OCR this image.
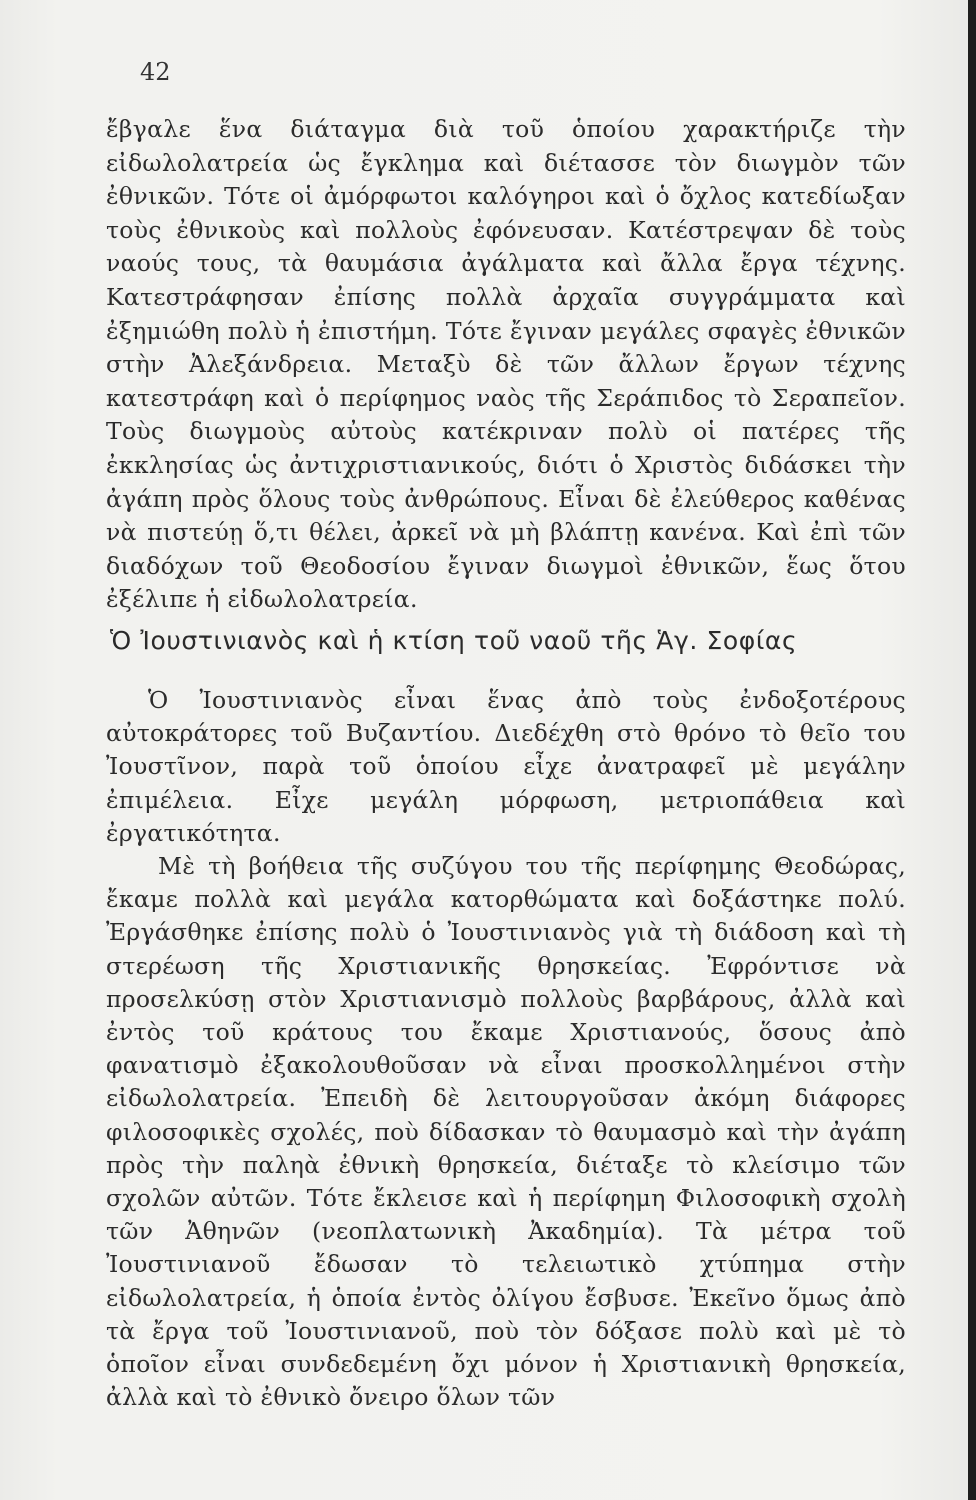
42

ἔβγαλε ἕνα διάταγμα διὰ τοῦ ὁποίου χαρακτήριζε τὴν εἰδωλολατρεία ὡς ἔγκλημα καὶ διέτασσε τὸν διωγμὸν τῶν ἐθνικῶν. Τότε οἱ ἀμόρφωτοι καλόγηροι καὶ ὁ ὄχλος κατεδίωξαν τοὺς ἐθνικοὺς καὶ πολλοὺς ἐφόνευσαν. Κατέστρεψαν δὲ τοὺς ναούς τους, τὰ θαυμάσια ἀγάλματα καὶ ἄλλα ἔργα τέχνης. Κατεστράφησαν ἐπίσης πολλὰ ἀρχαῖα συγγράμματα καὶ ἐξημιώθη πολὺ ἡ ἐπιστήμη. Τότε ἔγιναν μεγάλες σφαγὲς ἐθνικῶν στὴν Ἀλεξάνδρεια. Μεταξὺ δὲ τῶν ἄλλων ἔργων τέχνης κατεστράφη καὶ ὁ περίφημος ναὸς τῆς Σεράπιδος τὸ Σεραπεῖον. Τοὺς διωγμοὺς αὐτοὺς κατέκριναν πολὺ οἱ πατέρες τῆς ἐκκλησίας ὡς ἀντιχριστιανικούς, διότι ὁ Χριστὸς διδάσκει τὴν ἀγάπη πρὸς ὅλους τοὺς ἀνθρώπους. Εἶναι δὲ ἐλεύθερος καθένας νὰ πιστεύῃ ὅ,τι θέλει, ἀρκεῖ νὰ μὴ βλάπτῃ κανένα. Καὶ ἐπὶ τῶν διαδόχων τοῦ Θεοδοσίου ἔγιναν διωγμοὶ ἐθνικῶν, ἕως ὅτου ἐξέλιπε ἡ εἰδωλολατρεία.

Ὁ Ἰουστινιανὸς καὶ ἡ κτίση τοῦ ναοῦ τῆς Ἁγ. Σοφίας

Ὁ Ἰουστινιανὸς εἶναι ἕνας ἀπὸ τοὺς ἐνδοξοτέρους αὐτοκράτορες τοῦ Βυζαντίου. Διεδέχθη στὸ θρόνο τὸ θεῖο του Ἰουστῖνον, παρὰ τοῦ ὁποίου εἶχε ἀνατραφεῖ μὲ μεγάλην ἐπιμέλεια. Εἶχε μεγάλη μόρφωση, μετριοπάθεια καὶ ἐργατικότητα.

Μὲ τὴ βοήθεια τῆς συζύγου του τῆς περίφημης Θεοδώρας, ἔκαμε πολλὰ καὶ μεγάλα κατορθώματα καὶ δοξάστηκε πολύ. Ἐργάσθηκε ἐπίσης πολὺ ὁ Ἰουστινιανὸς γιὰ τὴ διάδοση καὶ τὴ στερέωση τῆς Χριστιανικῆς θρησκείας. Ἐφρόντισε νὰ προσελκύσῃ στὸν Χριστιανισμὸ πολλοὺς βαρβάρους, ἀλλὰ καὶ ἐντὸς τοῦ κράτους του ἔκαμε Χριστιανούς, ὅσους ἀπὸ φανατισμὸ ἐξακολουθοῦσαν νὰ εἶναι προσκολλημένοι στὴν εἰδωλολατρεία. Ἐπειδὴ δὲ λειτουργοῦσαν ἀκόμη διάφορες φιλοσοφικὲς σχολές, ποὺ δίδασκαν τὸ θαυμασμὸ καὶ τὴν ἀγάπη πρὸς τὴν παληὰ ἐθνικὴ θρησκεία, διέταξε τὸ κλείσιμο τῶν σχολῶν αὐτῶν. Τότε ἔκλεισε καὶ ἡ περίφημη Φιλοσοφικὴ σχολὴ τῶν Ἀθηνῶν (νεοπλατωνικὴ Ἀκαδημία). Τὰ μέτρα τοῦ Ἰουστινιανοῦ ἔδωσαν τὸ τελειωτικὸ χτύπημα στὴν εἰδωλολατρεία, ἡ ὁποία ἐντὸς ὀλίγου ἔσβυσε. Ἐκεῖνο ὅμως ἀπὸ τὰ ἔργα τοῦ Ἰουστινιανοῦ, ποὺ τὸν δόξασε πολὺ καὶ μὲ τὸ ὁποῖον εἶναι συνδεδεμένη ὄχι μόνον ἡ Χριστιανικὴ θρησκεία, ἀλλὰ καὶ τὸ ἐθνικὸ ὄνειρο ὅλων τῶν
